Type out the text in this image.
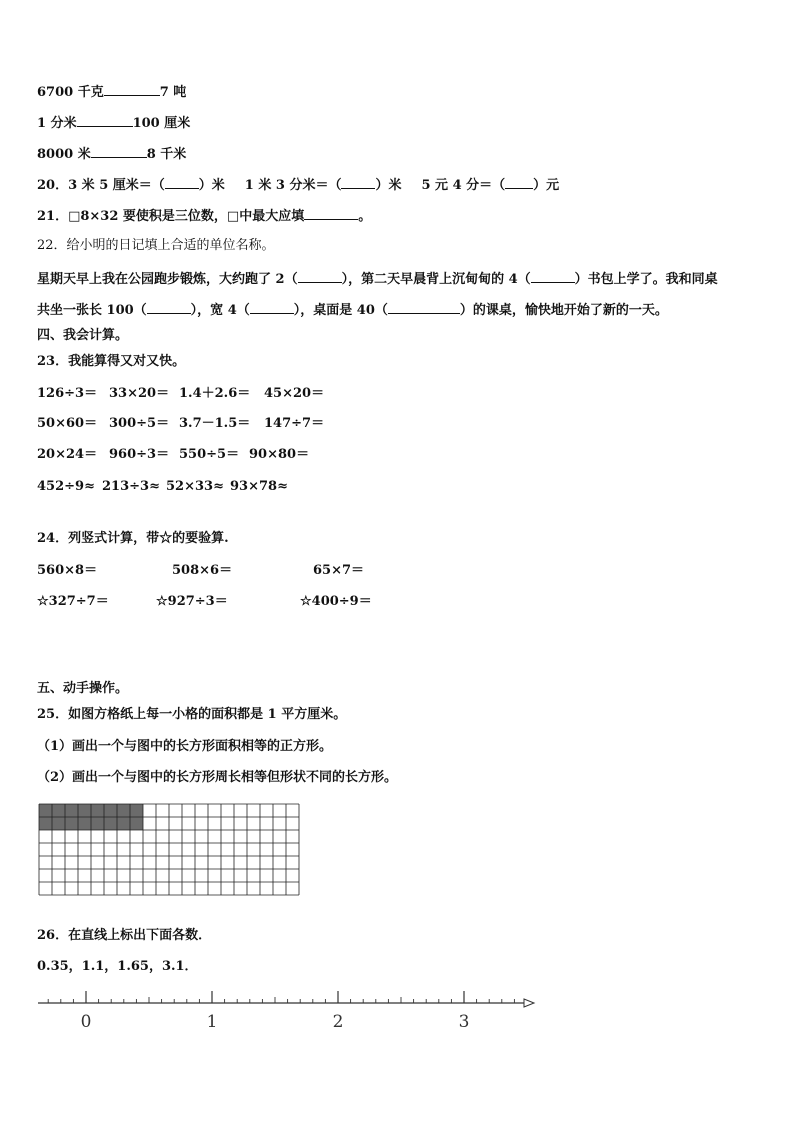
6700 千克	7 吨
1 分米	100 厘米
8000 米	8 千米
20．3 米 5 厘米＝（	）米 1 米 3 分米＝（	）米 5 元 4 分＝（ ）元
21．□8×32 要使积是三位数，□中最大应填	。
22．给小明的日记填上合适的单位名称。
星期天早上我在公园跑步锻炼，大约跑了 2（	），第二天早晨背上沉甸甸的 4（	）书包上学了。我和同桌
共坐一张长 100（	），宽 4（	），桌面是 40（	）的课桌，愉快地开始了新的一天。
四、我会计算。
23．我能算得又对又快。
126÷3＝ 33×20＝ 1.4＋2.6＝ 45×20＝
50×60＝ 300÷5＝ 3.7－1.5＝ 147÷7＝
20×24＝ 960÷3＝ 550÷5＝ 90×80＝
452÷9≈ 213÷3≈ 52×33≈ 93×78≈
24．列竖式计算，带☆的要验算.
560×8＝	508×6＝	65×7＝
☆327÷7＝	☆927÷3＝	☆400÷9＝
五、动手操作。
25．如图方格纸上每一小格的面积都是 1 平方厘米。
（1）画出一个与图中的长方形面积相等的正方形。
（2）画出一个与图中的长方形周长相等但形状不同的长方形。
26．在直线上标出下面各数．
0.35，1.1，1.65，3.1．
0	1	2	3
